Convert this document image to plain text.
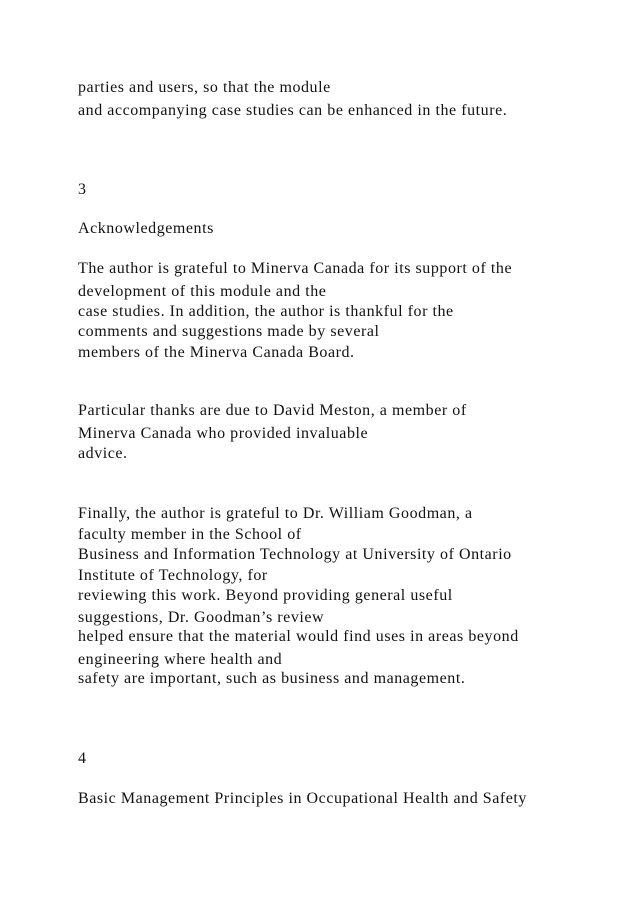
parties and users, so that the module

and accompanying case studies can be enhanced in the future.

3

Acknowledgements

The author is grateful to Minerva Canada for its support of the

development of this module and the

case studies. In addition, the author is thankful for the

comments and suggestions made by several

members of the Minerva Canada Board.

Particular thanks are due to David Meston, a member of

Minerva Canada who provided invaluable

advice.

Finally, the author is grateful to Dr. William Goodman, a

faculty member in the School of

Business and Information Technology at University of Ontario

Institute of Technology, for

reviewing this work. Beyond providing general useful

suggestions, Dr. Goodman’s review

helped ensure that the material would find uses in areas beyond

engineering where health and

safety are important, such as business and management.

4

Basic Management Principles in Occupational Health and Safety
